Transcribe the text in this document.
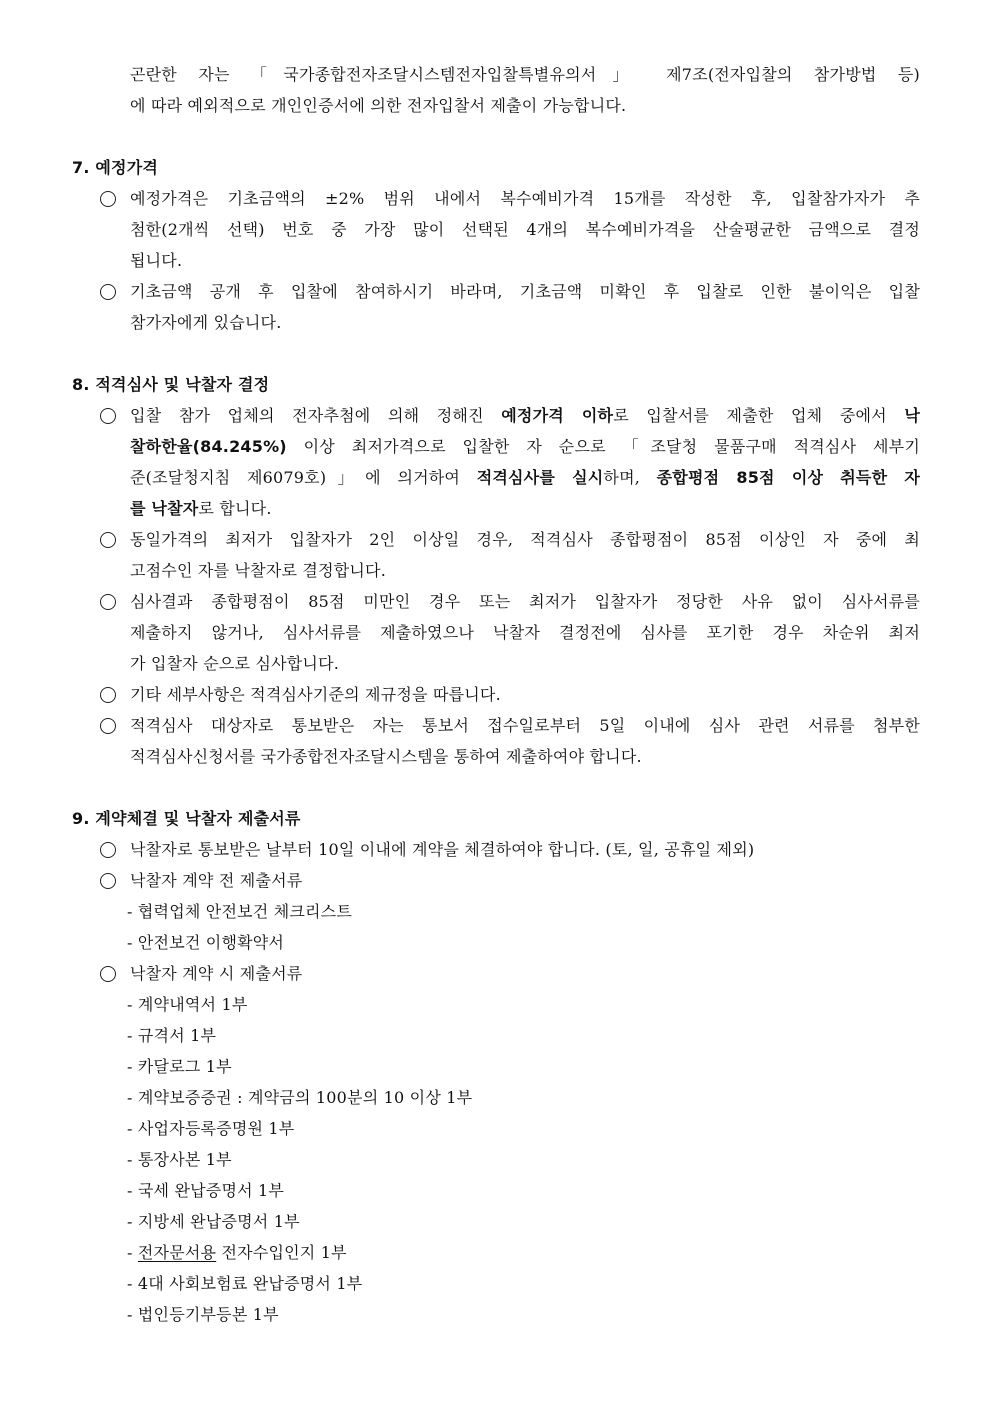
곤란한 자는 「국가종합전자조달시스템전자입찰특별유의서」 제7조(전자입찰의 참가방법 등)
에 따라 예외적으로 개인인증서에 의한 전자입찰서 제출이 가능합니다.
7. 예정가격
예정가격은 기초금액의 ±2% 범위 내에서 복수예비가격 15개를 작성한 후, 입찰참가자가 추
첨한(2개씩 선택) 번호 중 가장 많이 선택된 4개의 복수예비가격을 산술평균한 금액으로 결정
됩니다.
기초금액 공개 후 입찰에 참여하시기 바라며, 기초금액 미확인 후 입찰로 인한 불이익은 입찰
참가자에게 있습니다.
8. 적격심사 및 낙찰자 결정
입찰 참가 업체의 전자추첨에 의해 정해진 예정가격 이하로 입찰서를 제출한 업체 중에서 낙
찰하한율(84.245%) 이상 최저가격으로 입찰한 자 순으로 「조달청 물품구매 적격심사 세부기
준(조달청지침 제6079호)」에 의거하여 적격심사를 실시하며, 종합평점 85점 이상 취득한 자
를 낙찰자로 합니다.
동일가격의 최저가 입찰자가 2인 이상일 경우, 적격심사 종합평점이 85점 이상인 자 중에 최
고점수인 자를 낙찰자로 결정합니다.
심사결과 종합평점이 85점 미만인 경우 또는 최저가 입찰자가 정당한 사유 없이 심사서류를
제출하지 않거나, 심사서류를 제출하였으나 낙찰자 결정전에 심사를 포기한 경우 차순위 최저
가 입찰자 순으로 심사합니다.
기타 세부사항은 적격심사기준의 제규정을 따릅니다.
적격심사 대상자로 통보받은 자는 통보서 접수일로부터 5일 이내에 심사 관련 서류를 첨부한
적격심사신청서를 국가종합전자조달시스템을 통하여 제출하여야 합니다.
9. 계약체결 및 낙찰자 제출서류
낙찰자로 통보받은 날부터 10일 이내에 계약을 체결하여야 합니다. (토, 일, 공휴일 제외)
낙찰자 계약 전 제출서류
- 협력업체 안전보건 체크리스트
- 안전보건 이행확약서
낙찰자 계약 시 제출서류
- 계약내역서 1부
- 규격서 1부
- 카달로그 1부
- 계약보증증권 : 계약금의 100분의 10 이상 1부
- 사업자등록증명원 1부
- 통장사본 1부
- 국세 완납증명서 1부
- 지방세 완납증명서 1부
- 전자문서용 전자수입인지 1부
- 4대 사회보험료 완납증명서 1부
- 법인등기부등본 1부
